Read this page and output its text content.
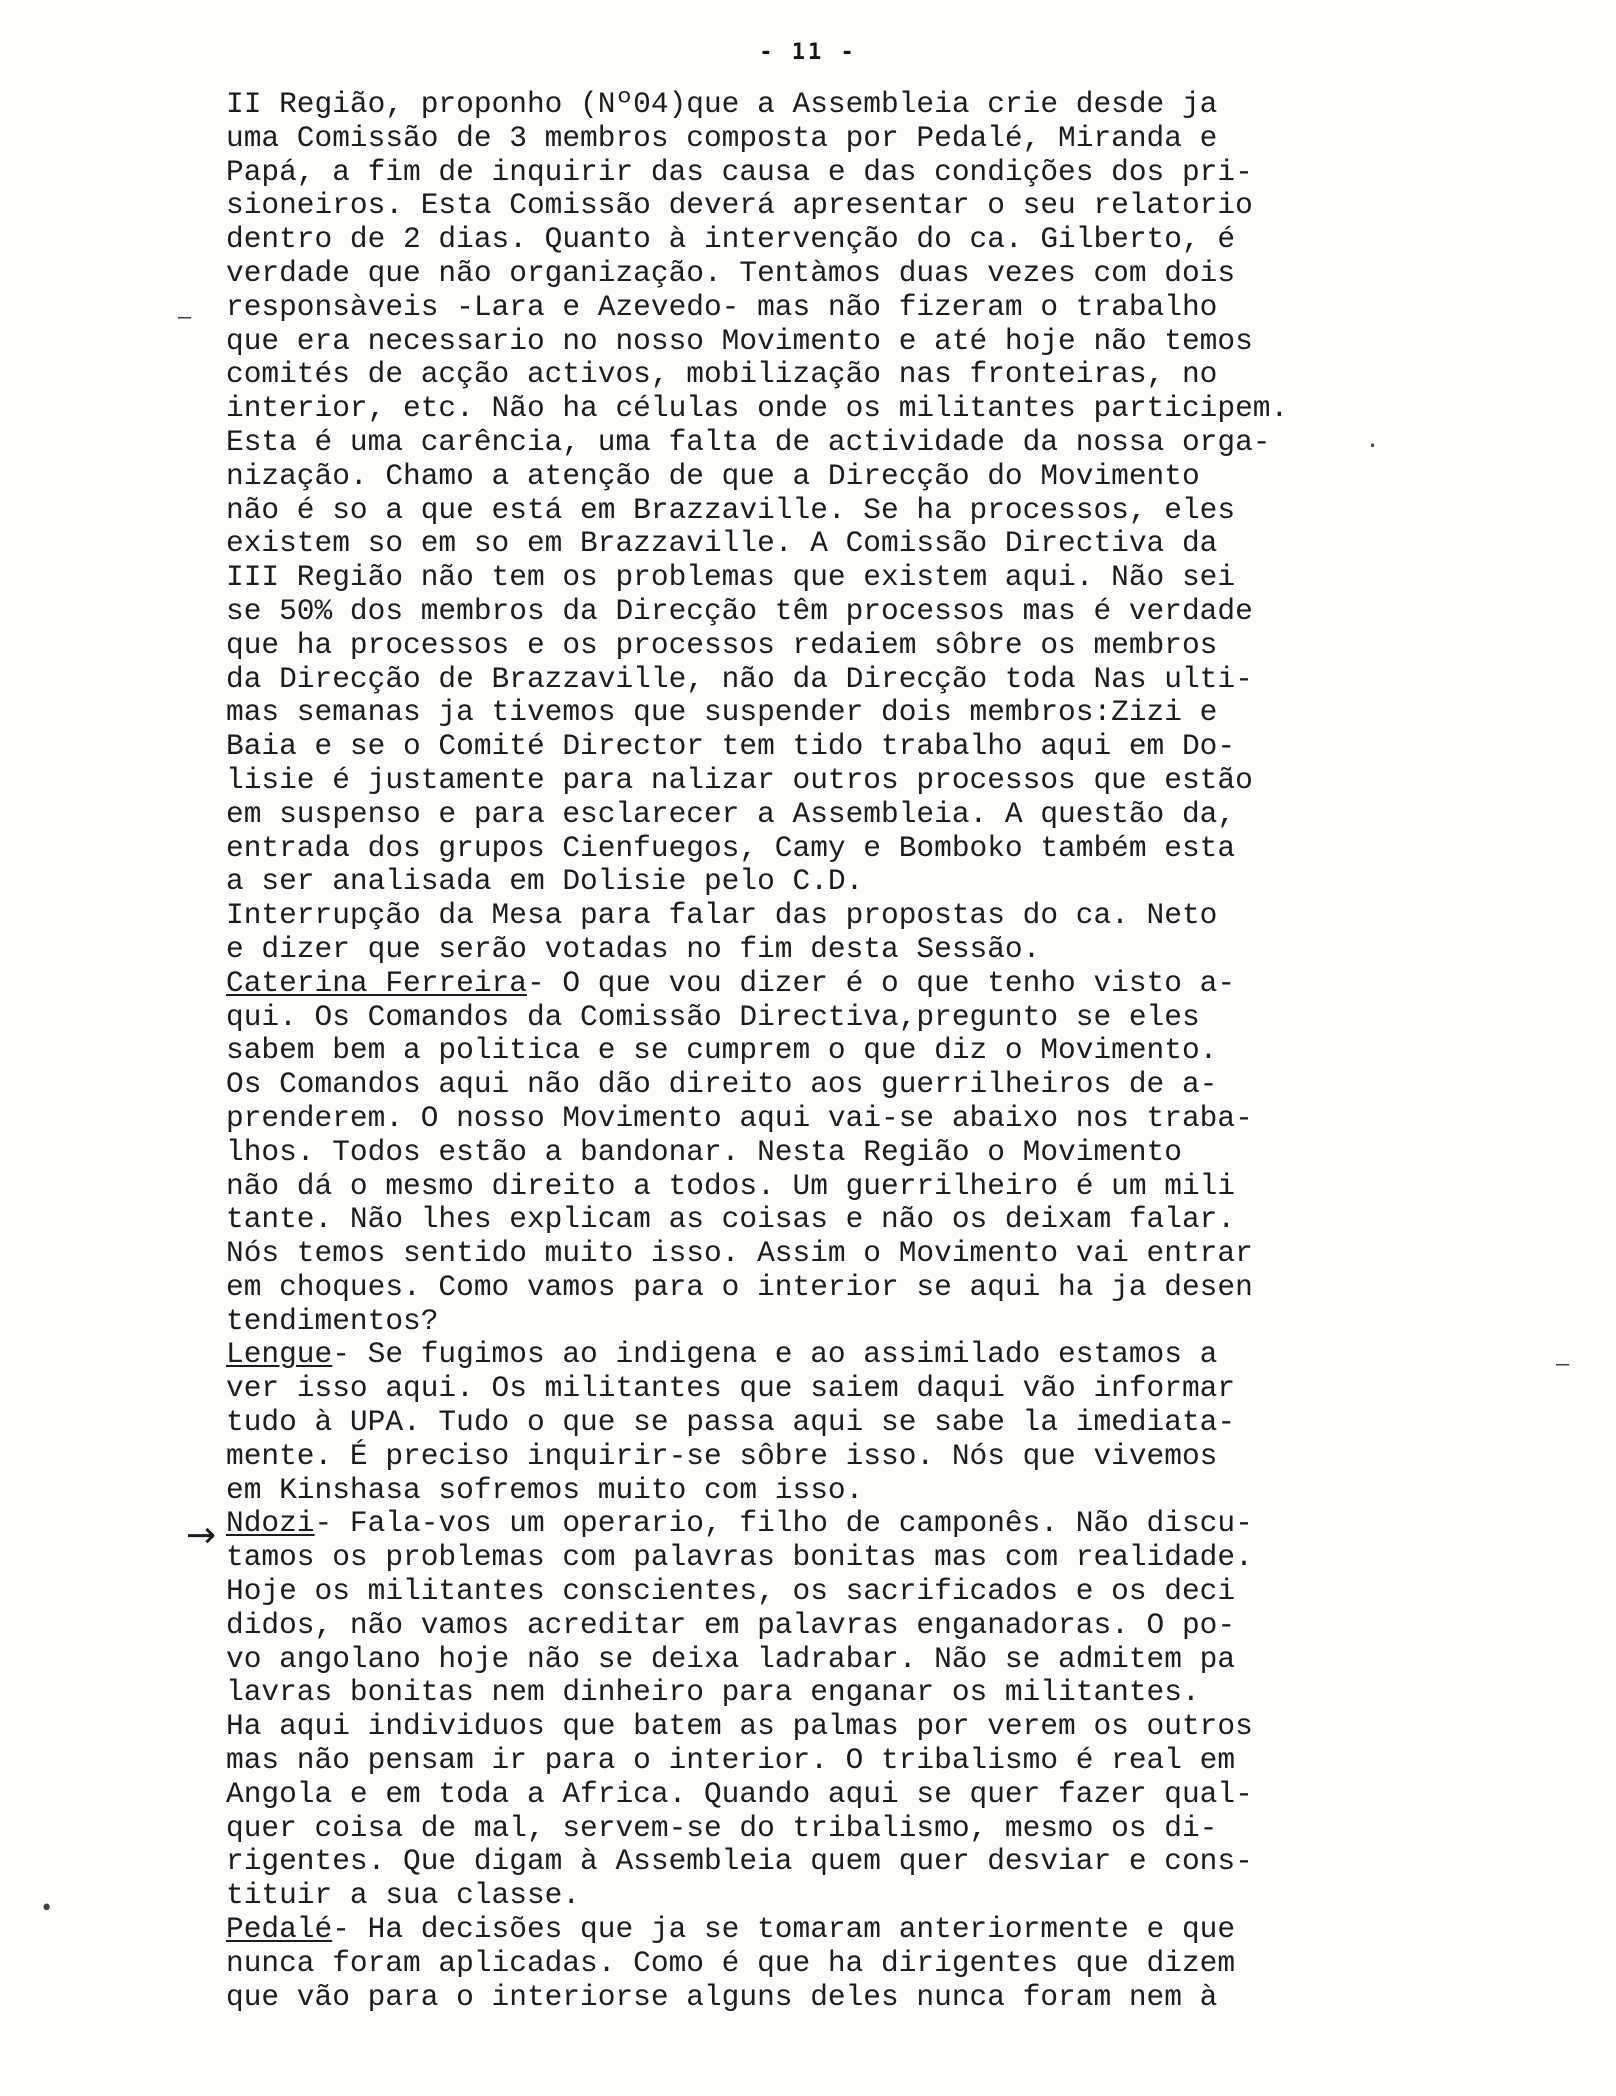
- 11 -
–
→
·
–
•
II Região, proponho (Nº04)que a Assembleia crie desde ja
uma Comissão de 3 membros composta por Pedalé, Miranda e
Papá, a fim de inquirir das causa e das condições dos pri-
sioneiros. Esta Comissão deverá apresentar o seu relatorio
dentro de 2 dias. Quanto à intervenção do ca. Gilberto, é
verdade que não organização. Tentàmos duas vezes com dois
responsàveis -Lara e Azevedo- mas não fizeram o trabalho
que era necessario no nosso Movimento e até hoje não temos
comités de acção activos, mobilização nas fronteiras, no
interior, etc. Não ha células onde os militantes participem.
Esta é uma carência, uma falta de actividade da nossa orga-
nização. Chamo a atenção de que a Direcção do Movimento
não é so a que está em Brazzaville. Se ha processos, eles
existem so em so em Brazzaville. A Comissão Directiva da
III Região não tem os problemas que existem aqui. Não sei
se 50% dos membros da Direcção têm processos mas é verdade
que ha processos e os processos redaiem sôbre os membros
da Direcção de Brazzaville, não da Direcção toda Nas ulti-
mas semanas ja tivemos que suspender dois membros:Zizi e
Baia e se o Comité Director tem tido trabalho aqui em Do-
lisie é justamente para nalizar outros processos que estão
em suspenso e para esclarecer a Assembleia. A questão da,
entrada dos grupos Cienfuegos, Camy e Bomboko também esta
a ser analisada em Dolisie pelo C.D.
Interrupção da Mesa para falar das propostas do ca. Neto
e dizer que serão votadas no fim desta Sessão.
Caterina Ferreira- O que vou dizer é o que tenho visto a-
qui. Os Comandos da Comissão Directiva,pregunto se eles
sabem bem a politica e se cumprem o que diz o Movimento.
Os Comandos aqui não dão direito aos guerrilheiros de a-
prenderem. O nosso Movimento aqui vai-se abaixo nos traba-
lhos. Todos estão a bandonar. Nesta Região o Movimento
não dá o mesmo direito a todos. Um guerrilheiro é um mili
tante. Não lhes explicam as coisas e não os deixam falar.
Nós temos sentido muito isso. Assim o Movimento vai entrar
em choques. Como vamos para o interior se aqui ha ja desen
tendimentos?
Lengue- Se fugimos ao indigena e ao assimilado estamos a
ver isso aqui. Os militantes que saiem daqui vão informar
tudo à UPA. Tudo o que se passa aqui se sabe la imediata-
mente. É preciso inquirir-se sôbre isso. Nós que vivemos
em Kinshasa sofremos muito com isso.
Ndozi- Fala-vos um operario, filho de camponês. Não discu-
tamos os problemas com palavras bonitas mas com realidade.
Hoje os militantes conscientes, os sacrificados e os deci
didos, não vamos acreditar em palavras enganadoras. O po-
vo angolano hoje não se deixa ladrabar. Não se admitem pa
lavras bonitas nem dinheiro para enganar os militantes.
Ha aqui individuos que batem as palmas por verem os outros
mas não pensam ir para o interior. O tribalismo é real em
Angola e em toda a Africa. Quando aqui se quer fazer qual-
quer coisa de mal, servem-se do tribalismo, mesmo os di-
rigentes. Que digam à Assembleia quem quer desviar e cons-
tituir a sua classe.
Pedalé- Ha decisões que ja se tomaram anteriormente e que
nunca foram aplicadas. Como é que ha dirigentes que dizem
que vão para o interiorse alguns deles nunca foram nem à
